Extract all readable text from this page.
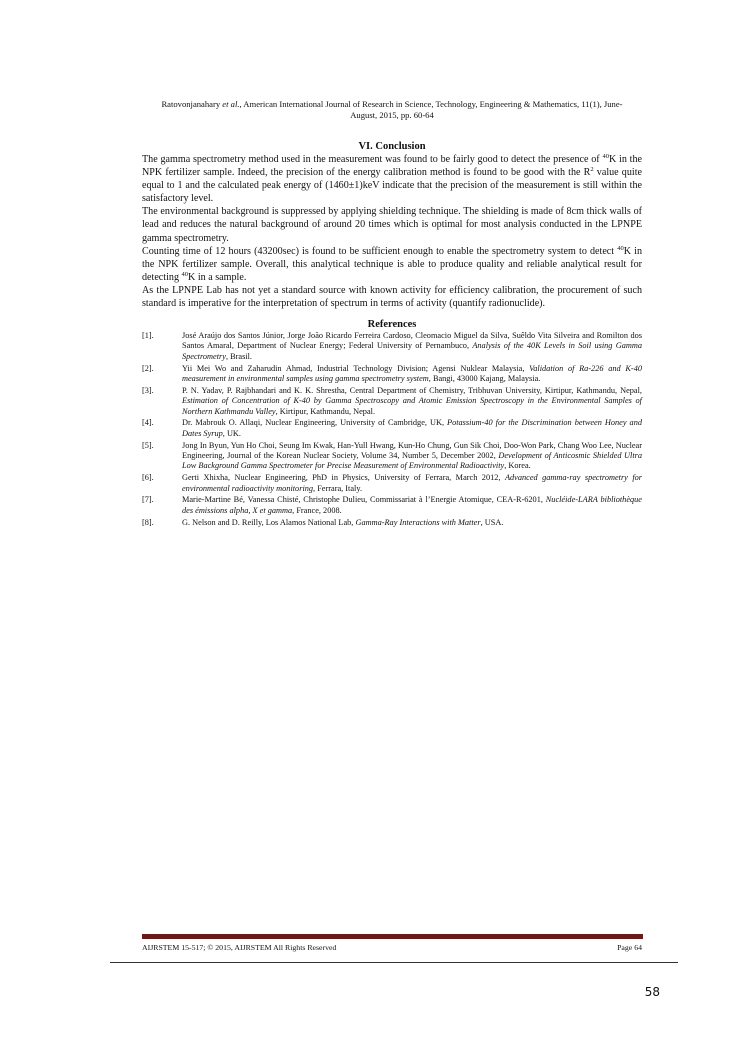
Ratovonjanahary et al., American International Journal of Research in Science, Technology, Engineering & Mathematics, 11(1), June-
August, 2015, pp. 60-64
VI. Conclusion

The gamma spectrometry method used in the measurement was found to be fairly good to detect the presence of $^{40}$K in the NPK fertilizer sample. Indeed, the precision of the energy calibration method is found to be good with the $R^2$ value quite equal to 1 and the calculated peak energy of (1460±1)keV indicate that the precision of the measurement is still within the satisfactory level.

The environmental background is suppressed by applying shielding technique. The shielding is made of 8cm thick walls of lead and reduces the natural background of around 20 times which is optimal for most analysis conducted in the LPNPE gamma spectrometry.

Counting time of 12 hours (43200sec) is found to be sufficient enough to enable the spectrometry system to detect $^{40}$K in the NPK fertilizer sample. Overall, this analytical technique is able to produce quality and reliable analytical result for detecting $^{40}$K in a sample.

As the LPNPE Lab has not yet a standard source with known activity for efficiency calibration, the procurement of such standard is imperative for the interpretation of spectrum in terms of activity (quantify radionuclide).

References
[1].	José Araújo dos Santos Júnior, Jorge João Ricardo Ferreira Cardoso, Cleomacio Miguel da Silva, Suêldo Vita Silveira and Romilton dos Santos Amaral, Department of Nuclear Energy; Federal University of Pernambuco, Analysis of the 40K Levels in Soil using Gamma Spectrometry, Brasil.
[2].	Yii Mei Wo and Zaharudin Ahmad, Industrial Technology Division; Agensi Nuklear Malaysia, Validation of Ra-226 and K-40 measurement in environmental samples using gamma spectrometry system, Bangi, 43000 Kajang, Malaysia.
[3].	P. N. Yadav, P. Rajbhandari and K. K. Shrestha, Central Department of Chemistry, Tribhuvan University, Kirtipur, Kathmandu, Nepal, Estimation of Concentration of K-40 by Gamma Spectroscopy and Atomic Emission Spectroscopy in the Environmental Samples of Northern Kathmandu Valley, Kirtipur, Kathmandu, Nepal.
[4].	Dr. Mabrouk O. Allaqi, Nuclear Engineering, University of Cambridge, UK, Potassium-40 for the Discrimination between Honey and Dates Syrup, UK.
[5].	Jong In Byun, Yun Ho Choi, Seung Im Kwak, Han-Yull Hwang, Kun-Ho Chung, Gun Sik Choi, Doo-Won Park, Chang Woo Lee, Nuclear Engineering, Journal of the Korean Nuclear Society, Volume 34, Number 5, December 2002, Development of Anticosmic Shielded Ultra Low Background Gamma Spectrometer for Precise Measurement of Environmental Radioactivity, Korea.
[6].	Gerti Xhixha, Nuclear Engineering, PhD in Physics, University of Ferrara, March 2012, Advanced gamma-ray spectrometry for environmental radioactivity monitoring, Ferrara, Italy.
[7].	Marie-Martine Bé, Vanessa Chisté, Christophe Dulieu, Commissariat à l’Energie Atomique, CEA-R-6201, Nucléide-LARA bibliothèque des émissions alpha, X et gamma, France, 2008.
[8].	G. Nelson and D. Reilly, Los Alamos National Lab, Gamma-Ray Interactions with Matter, USA.
AIJRSTEM 15-517; © 2015, AIJRSTEM All Rights Reserved	Page 64
58
